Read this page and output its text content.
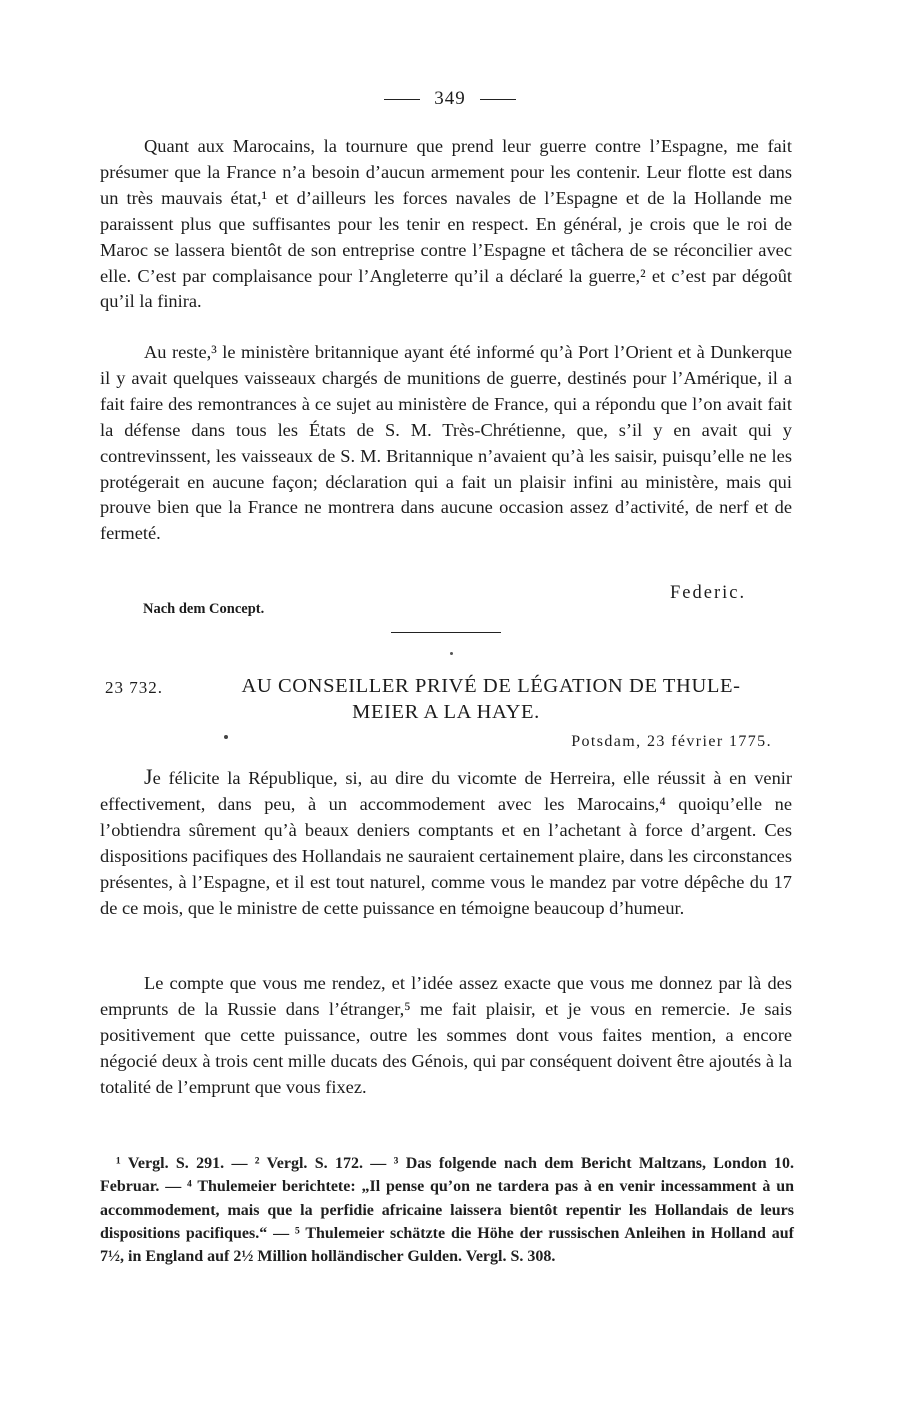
349

Quant aux Marocains, la tournure que prend leur guerre contre l’Espagne, me fait présumer que la France n’a besoin d’aucun armement pour les contenir. Leur flotte est dans un très mauvais état,¹ et d’ailleurs les forces navales de l’Espagne et de la Hollande me paraissent plus que suffisantes pour les tenir en respect. En général, je crois que le roi de Maroc se lassera bientôt de son entreprise contre l’Espagne et tâchera de se réconcilier avec elle. C’est par complaisance pour l’Angleterre qu’il a déclaré la guerre,² et c’est par dégoût qu’il la finira.

Au reste,³ le ministère britannique ayant été informé qu’à Port l’Orient et à Dunkerque il y avait quelques vaisseaux chargés de munitions de guerre, destinés pour l’Amérique, il a fait faire des remontrances à ce sujet au ministère de France, qui a répondu que l’on avait fait la défense dans tous les États de S. M. Très-Chrétienne, que, s’il y en avait qui y contrevinssent, les vaisseaux de S. M. Britannique n’avaient qu’à les saisir, puisqu’elle ne les protégerait en aucune façon; déclaration qui a fait un plaisir infini au ministère, mais qui prouve bien que la France ne montrera dans aucune occasion assez d’activité, de nerf et de fermeté.

Federic.
Nach dem Concept.
23 732.	AU CONSEILLER PRIVÉ DE LÉGATION DE THULE-
MEIER A LA HAYE.
Potsdam, 23 février 1775.

Je félicite la République, si, au dire du vicomte de Herreira, elle réussit à en venir effectivement, dans peu, à un accommodement avec les Marocains,⁴ quoiqu’elle ne l’obtiendra sûrement qu’à beaux deniers comptants et en l’achetant à force d’argent. Ces dispositions pacifiques des Hollandais ne sauraient certainement plaire, dans les circonstances présentes, à l’Espagne, et il est tout naturel, comme vous le mandez par votre dépêche du 17 de ce mois, que le ministre de cette puissance en témoigne beaucoup d’humeur.

Le compte que vous me rendez, et l’idée assez exacte que vous me donnez par là des emprunts de la Russie dans l’étranger,⁵ me fait plaisir, et je vous en remercie. Je sais positivement que cette puissance, outre les sommes dont vous faites mention, a encore négocié deux à trois cent mille ducats des Génois, qui par conséquent doivent être ajoutés à la totalité de l’emprunt que vous fixez.

¹ Vergl. S. 291. — ² Vergl. S. 172. — ³ Das folgende nach dem Bericht Maltzans, London 10. Februar. — ⁴ Thulemeier berichtete: „Il pense qu’on ne tardera pas à en venir incessamment à un accommodement, mais que la perfidie africaine laissera bientôt repentir les Hollandais de leurs dispositions pacifiques.“ — ⁵ Thulemeier schätzte die Höhe der russischen Anleihen in Holland auf 7½, in England auf 2½ Million holländischer Gulden. Vergl. S. 308.
